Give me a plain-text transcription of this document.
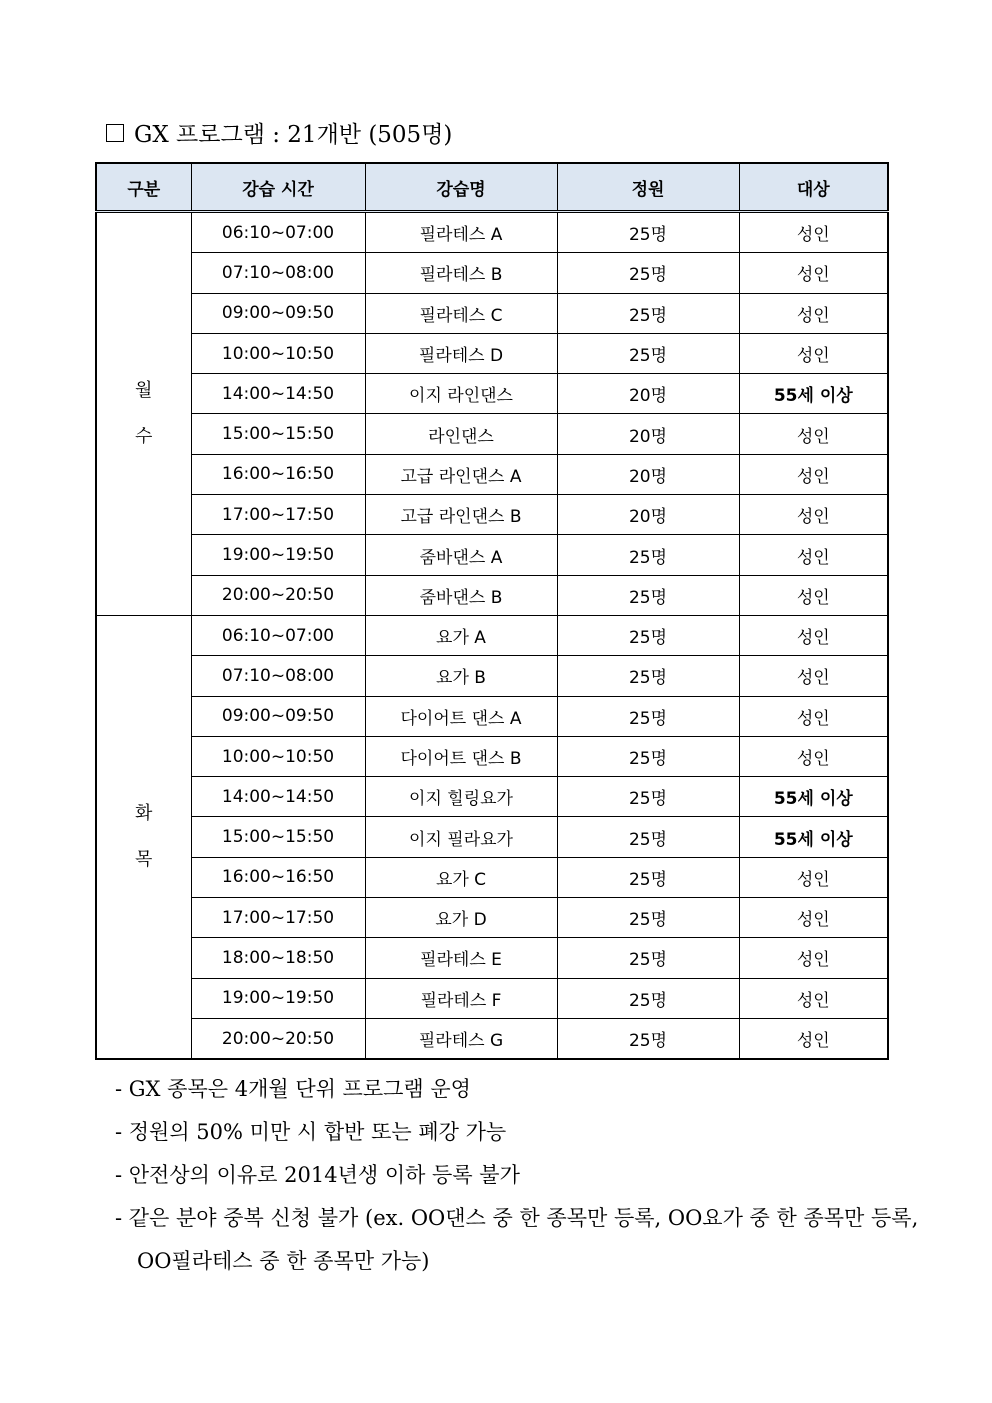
GX 프로그램 : 21개반 (505명)
구분	강습 시간	강습명	정원	대상

월
수	06:10~07:00	필라테스 A	25명	성인
	07:10~08:00	필라테스 B	25명	성인
	09:00~09:50	필라테스 C	25명	성인
	10:00~10:50	필라테스 D	25명	성인
	14:00~14:50	이지 라인댄스	20명	55세 이상
	15:00~15:50	라인댄스	20명	성인
	16:00~16:50	고급 라인댄스 A	20명	성인
	17:00~17:50	고급 라인댄스 B	20명	성인
	19:00~19:50	줌바댄스 A	25명	성인
	20:00~20:50	줌바댄스 B	25명	성인

화
목	06:10~07:00	요가 A	25명	성인
	07:10~08:00	요가 B	25명	성인
	09:00~09:50	다이어트 댄스 A	25명	성인
	10:00~10:50	다이어트 댄스 B	25명	성인
	14:00~14:50	이지 힐링요가	25명	55세 이상
	15:00~15:50	이지 필라요가	25명	55세 이상
	16:00~16:50	요가 C	25명	성인
	17:00~17:50	요가 D	25명	성인
	18:00~18:50	필라테스 E	25명	성인
	19:00~19:50	필라테스 F	25명	성인
	20:00~20:50	필라테스 G	25명	성인
- GX 종목은 4개월 단위 프로그램 운영
- 정원의 50% 미만 시 합반 또는 폐강 가능
- 안전상의 이유로 2014년생 이하 등록 불가
- 같은 분야 중복 신청 불가 (ex. OO댄스 중 한 종목만 등록, OO요가 중 한 종목만 등록,
OO필라테스 중 한 종목만 가능)
